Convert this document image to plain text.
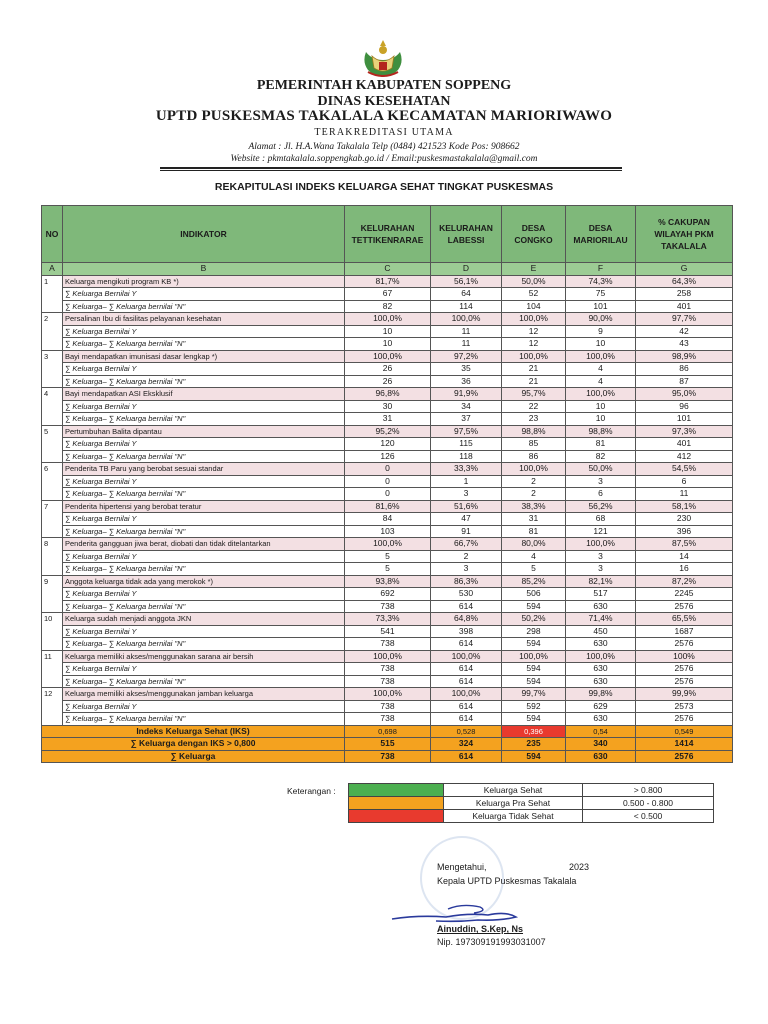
PEMERINTAH KABUPATEN SOPPENG
DINAS KESEHATAN
UPTD PUSKESMAS TAKALALA KECAMATAN MARIORIWAWO
TERAKREDITASI UTAMA
Alamat : Jl. H.A.Wana Takalala Telp (0484) 421523 Kode Pos: 908662
Website : pkmtakalala.soppengkab.go.id / Email:puskesmastakalala@gmail.com
REKAPITULASI INDEKS KELUARGA SEHAT TINGKAT PUSKESMAS
NO	INDIKATOR	KELURAHAN TETTIKENRARAE	KELURAHAN LABESSI	DESA CONGKO	DESA MARIORILAU	% CAKUPAN WILAYAH PKM TAKALALA
A	B	C	D	E	F	G
1	Keluarga mengikuti program KB *)	81,7%	56,1%	50,0%	74,3%	64,3%
	∑ Keluarga Bernilai Y	67	64	52	75	258
	∑ Keluarga– ∑ Keluarga bernilai "N"	82	114	104	101	401
2	Persalinan Ibu di fasilitas pelayanan kesehatan	100,0%	100,0%	100,0%	90,0%	97,7%
	∑ Keluarga Bernilai Y	10	11	12	9	42
	∑ Keluarga– ∑ Keluarga bernilai "N"	10	11	12	10	43
3	Bayi mendapatkan imunisasi dasar lengkap *)	100,0%	97,2%	100,0%	100,0%	98,9%
	∑ Keluarga Bernilai Y	26	35	21	4	86
	∑ Keluarga– ∑ Keluarga bernilai "N"	26	36	21	4	87
4	Bayi mendapatkan ASI Eksklusif	96,8%	91,9%	95,7%	100,0%	95,0%
	∑ Keluarga Bernilai Y	30	34	22	10	96
	∑ Keluarga– ∑ Keluarga bernilai "N"	31	37	23	10	101
5	Pertumbuhan Balita dipantau	95,2%	97,5%	98,8%	98,8%	97,3%
	∑ Keluarga Bernilai Y	120	115	85	81	401
	∑ Keluarga– ∑ Keluarga bernilai "N"	126	118	86	82	412
6	Penderita TB Paru yang berobat sesuai standar	0	33,3%	100,0%	50,0%	54,5%
	∑ Keluarga Bernilai Y	0	1	2	3	6
	∑ Keluarga– ∑ Keluarga bernilai "N"	0	3	2	6	11
7	Penderita hipertensi yang berobat teratur	81,6%	51,6%	38,3%	56,2%	58,1%
	∑ Keluarga Bernilai Y	84	47	31	68	230
	∑ Keluarga– ∑ Keluarga bernilai "N"	103	91	81	121	396
8	Penderita gangguan jiwa berat, diobati dan tidak ditelantarkan	100,0%	66,7%	80,0%	100,0%	87,5%
	∑ Keluarga Bernilai Y	5	2	4	3	14
	∑ Keluarga– ∑ Keluarga bernilai "N"	5	3	5	3	16
9	Anggota keluarga tidak ada yang merokok *)	93,8%	86,3%	85,2%	82,1%	87,2%
	∑ Keluarga Bernilai Y	692	530	506	517	2245
	∑ Keluarga– ∑ Keluarga bernilai "N"	738	614	594	630	2576
10	Keluarga sudah menjadi anggota JKN	73,3%	64,8%	50,2%	71,4%	65,5%
	∑ Keluarga Bernilai Y	541	398	298	450	1687
	∑ Keluarga– ∑ Keluarga bernilai "N"	738	614	594	630	2576
11	Keluarga memiliki akses/menggunakan sarana air bersih	100,0%	100,0%	100,0%	100,0%	100%
	∑ Keluarga Bernilai Y	738	614	594	630	2576
	∑ Keluarga– ∑ Keluarga bernilai "N"	738	614	594	630	2576
12	Keluarga memiliki akses/menggunakan jamban keluarga	100,0%	100,0%	99,7%	99,8%	99,9%
	∑ Keluarga Bernilai Y	738	614	592	629	2573
	∑ Keluarga– ∑ Keluarga bernilai "N"	738	614	594	630	2576
Indeks Keluarga Sehat (IKS)		0,698	0,528	0,396	0,54	0,549
∑ Keluarga dengan IKS > 0,800		515	324	235	340	1414
∑ Keluarga		738	614	594	630	2576
Keterangan :
		Keluarga Sehat	> 0.800
	Keluarga Pra Sehat	0.500 - 0.800
	Keluarga Tidak Sehat	< 0.500
Mengetahui,	2023
Kepala UPTD Puskesmas Takalala
Ainuddin, S.Kep, Ns
Nip. 197309191993031007
